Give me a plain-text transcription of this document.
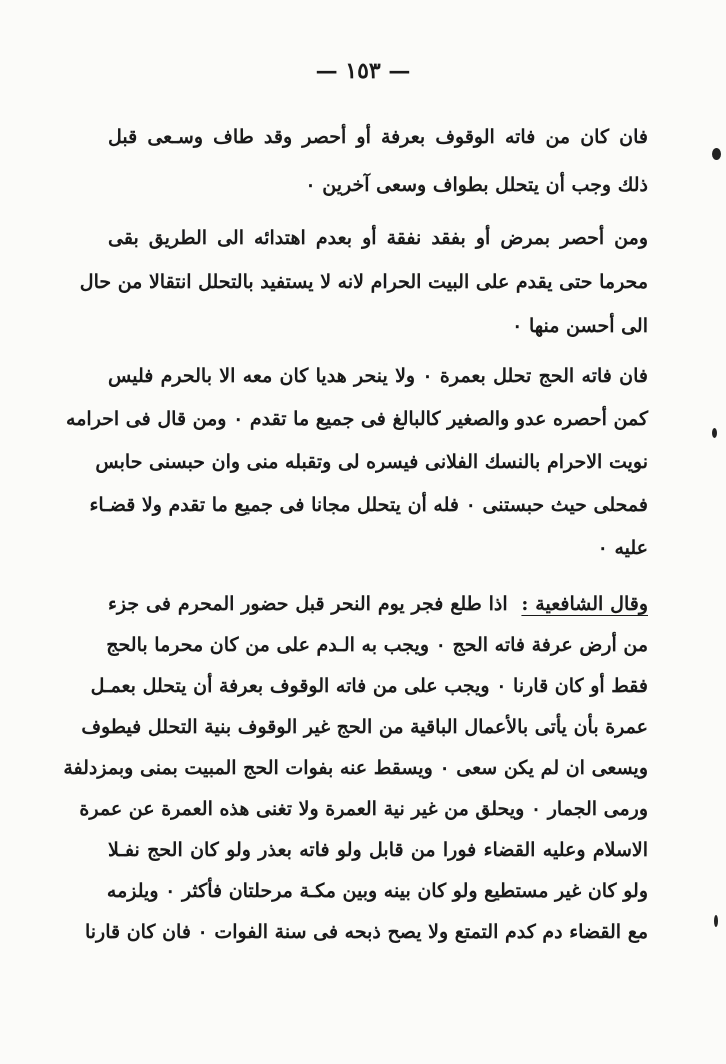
— ١٥٣ —
فان كان من فاته الوقوف بعرفة أو أحصر وقد طاف وسـعى قبل
ذلك وجب أن يتحلل بطواف وسعى آخرين ٠
ومن أحصر بمرض أو بفقد نفقة أو بعدم اهتدائه الى الطريق بقى
محرما حتى يقدم على البيت الحرام لانه لا يستفيد بالتحلل انتقالا من حال
الى أحسن منها ٠
فان فاته الحج تحلل بعمرة ٠ ولا ينحر هديا كان معه الا بالحرم فليس
كمن أحصره عدو والصغير كالبالغ فى جميع ما تقدم ٠ ومن قال فى احرامه
نويت الاحرام بالنسك الفلانى فيسره لى وتقبله منى وان حبسنى حابس
فمحلى حيث حبستنى ٠ فله أن يتحلل مجانا فى جميع ما تقدم ولا قضـاء
عليه ٠
وقال الشافعية :  اذا طلع فجر يوم النحر قبل حضور المحرم فى جزء
من أرض عرفة فاته الحج ٠ ويجب به الـدم على من كان محرما بالحج
فقط أو كان قارنا ٠ ويجب على من فاته الوقوف بعرفة أن يتحلل بعمـل
عمرة بأن يأتى بالأعمال الباقية من الحج غير الوقوف بنية التحلل فيطوف
ويسعى ان لم يكن سعى ٠ ويسقط عنه بفوات الحج المبيت بمنى وبمزدلفة
ورمى الجمار ٠ ويحلق من غير نية العمرة ولا تغنى هذه العمرة عن عمرة
الاسلام وعليه القضاء فورا من قابل ولو فاته بعذر ولو كان الحج نفـلا
ولو كان غير مستطيع ولو كان بينه وبين مكـة مرحلتان فأكثر ٠ ويلزمه
مع القضاء دم كدم التمتع ولا يصح ذبحه فى سنة الفوات ٠ فان كان قارنا
